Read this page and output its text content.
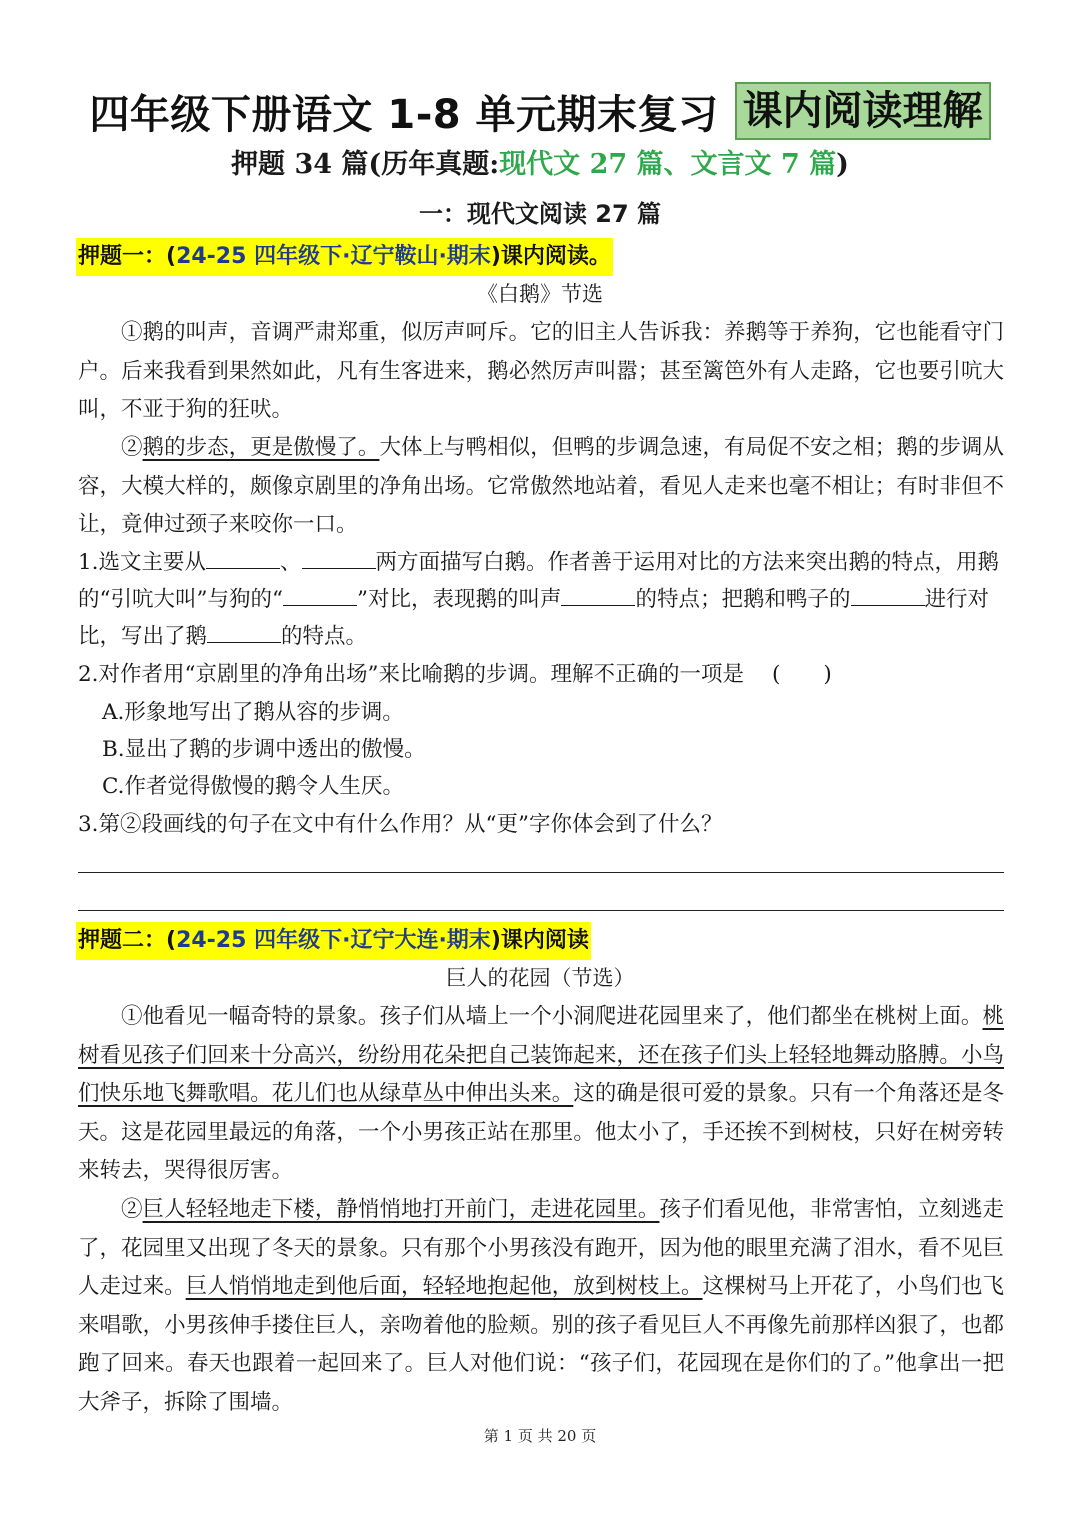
四年级下册语文 1-8 单元期末复习 课内阅读理解
押题 34 篇(历年真题:现代文 27 篇、文言文 7 篇)
一：现代文阅读 27 篇
押题一：(24-25 四年级下·辽宁鞍山·期末)课内阅读。
《白鹅》节选
①鹅的叫声，音调严肃郑重，似厉声呵斥。它的旧主人告诉我：养鹅等于养狗，它也能看守门户。后来我看到果然如此，凡有生客进来，鹅必然厉声叫嚣；甚至篱笆外有人走路，它也要引吭大叫，不亚于狗的狂吠。
②鹅的步态，更是傲慢了。大体上与鸭相似，但鸭的步调急速，有局促不安之相；鹅的步调从容，大模大样的，颇像京剧里的净角出场。它常傲然地站着，看见人走来也毫不相让；有时非但不让，竟伸过颈子来咬你一口。
1.选文主要从	、	两方面描写白鹅。作者善于运用对比的方法来突出鹅的特点，用鹅的“引吭大叫”与狗的“	”对比，表现鹅的叫声	的特点；把鹅和鸭子的	进行对比，写出了鹅	的特点。
2.对作者用“京剧里的净角出场”来比喻鹅的步调。理解不正确的一项是 (　　)
A.形象地写出了鹅从容的步调。
B.显出了鹅的步调中透出的傲慢。
C.作者觉得傲慢的鹅令人生厌。
3.第②段画线的句子在文中有什么作用？从“更”字你体会到了什么？
押题二：(24-25 四年级下·辽宁大连·期末)课内阅读
巨人的花园（节选）
①他看见一幅奇特的景象。孩子们从墙上一个小洞爬进花园里来了，他们都坐在桃树上面。桃树看见孩子们回来十分高兴，纷纷用花朵把自己装饰起来，还在孩子们头上轻轻地舞动胳膊。小鸟们快乐地飞舞歌唱。花儿们也从绿草丛中伸出头来。这的确是很可爱的景象。只有一个角落还是冬天。这是花园里最远的角落，一个小男孩正站在那里。他太小了，手还挨不到树枝，只好在树旁转来转去，哭得很厉害。
②巨人轻轻地走下楼，静悄悄地打开前门，走进花园里。孩子们看见他，非常害怕，立刻逃走了，花园里又出现了冬天的景象。只有那个小男孩没有跑开，因为他的眼里充满了泪水，看不见巨人走过来。巨人悄悄地走到他后面，轻轻地抱起他，放到树枝上。这棵树马上开花了，小鸟们也飞来唱歌，小男孩伸手搂住巨人，亲吻着他的脸颊。别的孩子看见巨人不再像先前那样凶狠了，也都跑了回来。春天也跟着一起回来了。巨人对他们说：“孩子们，花园现在是你们的了。”他拿出一把大斧子，拆除了围墙。
第 1 页 共 20 页
